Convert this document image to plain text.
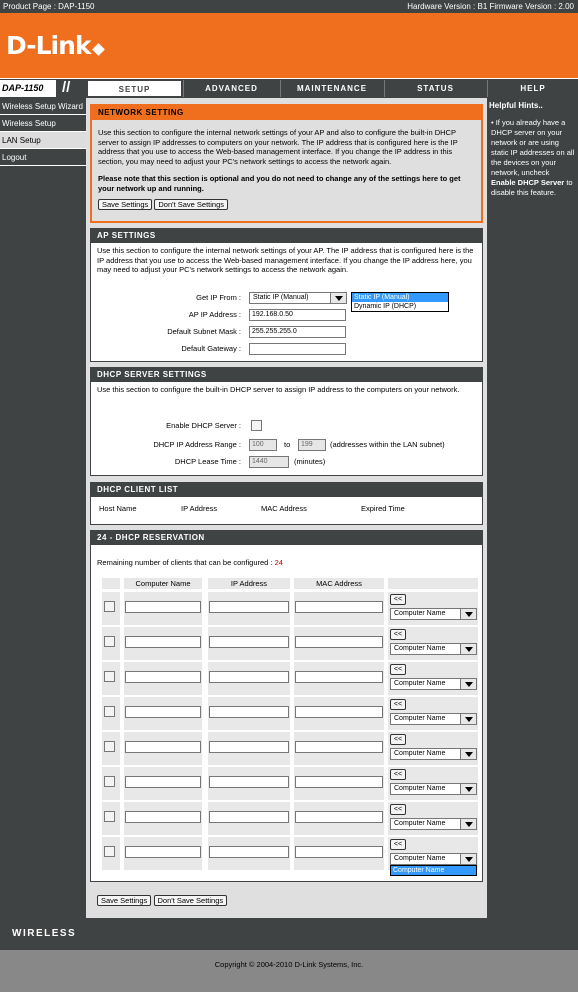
Product Page : DAP-1150	Hardware Version : B1 Firmware Version : 2.00
D-Link
DAP-1150	//	SETUP	ADVANCED	MAINTENANCE	STATUS	HELP
Wireless Setup Wizard
Wireless Setup
LAN Setup
Logout
Helpful Hints..

• If you already have a DHCP server on your network or are using static IP addresses on all the devices on your network, uncheck Enable DHCP Server to disable this feature.

NETWORK SETTING

Use this section to configure the internal network settings of your AP and also to configure the built-in DHCP server to assign IP addresses to computers on your network. The IP address that is configured here is the IP address that you use to access the Web-based management interface. If you change the IP address in this section, you may need to adjust your PC's network settings to access the network again.

Please note that this section is optional and you do not need to change any of the settings here to get your network up and running.

Save Settings Don't Save Settings
AP SETTINGS

Use this section to configure the internal network settings of your AP. The IP address that is configured here is the IP address that you use to access the Web-based management interface. If you change the IP address here, you may need to adjust your PC's network settings to access the network again.

Get IP From :	Static IP (Manual)	Static IP (Manual)
Dynamic IP (DHCP)
AP IP Address :	192.168.0.50
Default Subnet Mask :	255.255.255.0
Default Gateway :
DHCP SERVER SETTINGS

Use this section to configure the built-in DHCP server to assign IP address to the computers on your network.

Enable DHCP Server :
DHCP IP Address Range :	100	to	199	(addresses within the LAN subnet)
DHCP Lease Time :	1440	(minutes)
DHCP CLIENT LIST
Host Name	IP Address	MAC Address	Expired Time
24 - DHCP RESERVATION
Remaining number of clients that can be configured : 24
Computer Name	IP Address	MAC Address
<<
Computer Name
<<
Computer Name
<<
Computer Name
<<
Computer Name
<<
Computer Name
<<
Computer Name
<<
Computer Name
<<
Computer Name
Computer Name
Save Settings Don't Save Settings
WIRELESS
Copyright © 2004-2010 D-Link Systems, Inc.
